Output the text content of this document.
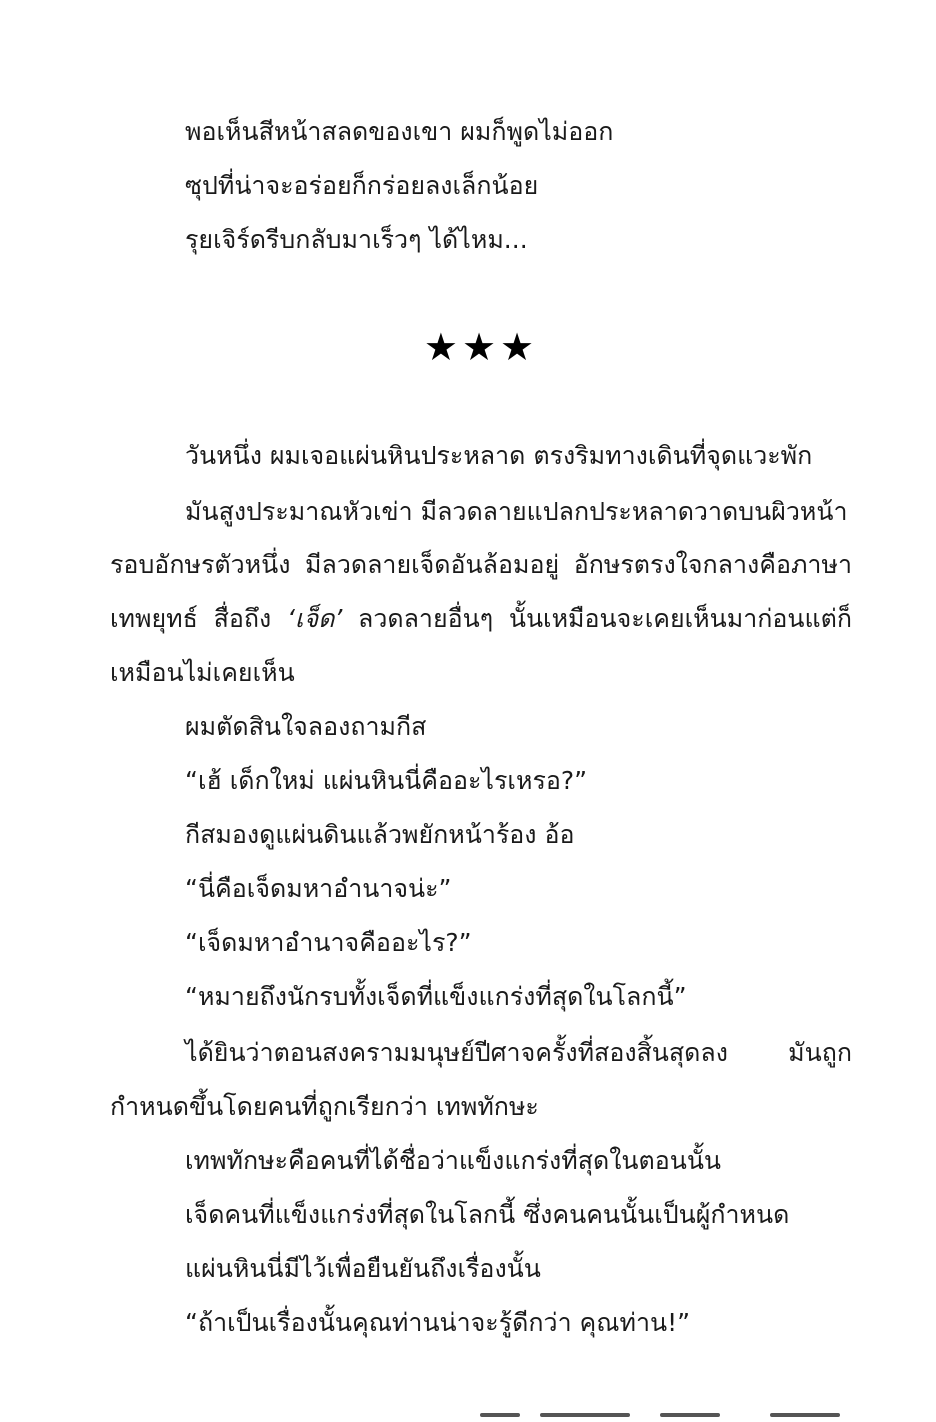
พอเห็นสีหน้าสลดของเขา ผมก็พูดไม่ออก
ซุปที่น่าจะอร่อยก็กร่อยลงเล็กน้อย
รุยเจิร์ดรีบกลับมาเร็วๆ ได้ไหม...
★★★
วันหนึ่ง ผมเจอแผ่นหินประหลาด ตรงริมทางเดินที่จุดแวะพัก
มันสูงประมาณหัวเข่า มีลวดลายแปลกประหลาดวาดบนผิวหน้า
รอบอักษรตัวหนึ่ง มีลวดลายเจ็ดอันล้อมอยู่ อักษรตรงใจกลางคือภาษา
เทพยุทธ์ สื่อถึง ‘เจ็ด’ ลวดลายอื่นๆ นั้นเหมือนจะเคยเห็นมาก่อนแต่ก็
เหมือนไม่เคยเห็น
ผมตัดสินใจลองถามกีส
“เฮ้ เด็กใหม่ แผ่นหินนี่คืออะไรเหรอ?”
กีสมองดูแผ่นดินแล้วพยักหน้าร้อง อ้อ
“นี่คือเจ็ดมหาอำนาจน่ะ”
“เจ็ดมหาอำนาจคืออะไร?”
“หมายถึงนักรบทั้งเจ็ดที่แข็งแกร่งที่สุดในโลกนี้”
ได้ยินว่าตอนสงครามมนุษย์ปีศาจครั้งที่สองสิ้นสุดลง มันถูก
กำหนดขึ้นโดยคนที่ถูกเรียกว่า เทพทักษะ
เทพทักษะคือคนที่ได้ชื่อว่าแข็งแกร่งที่สุดในตอนนั้น
เจ็ดคนที่แข็งแกร่งที่สุดในโลกนี้ ซึ่งคนคนนั้นเป็นผู้กำหนด
แผ่นหินนี่มีไว้เพื่อยืนยันถึงเรื่องนั้น
“ถ้าเป็นเรื่องนั้นคุณท่านน่าจะรู้ดีกว่า คุณท่าน!”
